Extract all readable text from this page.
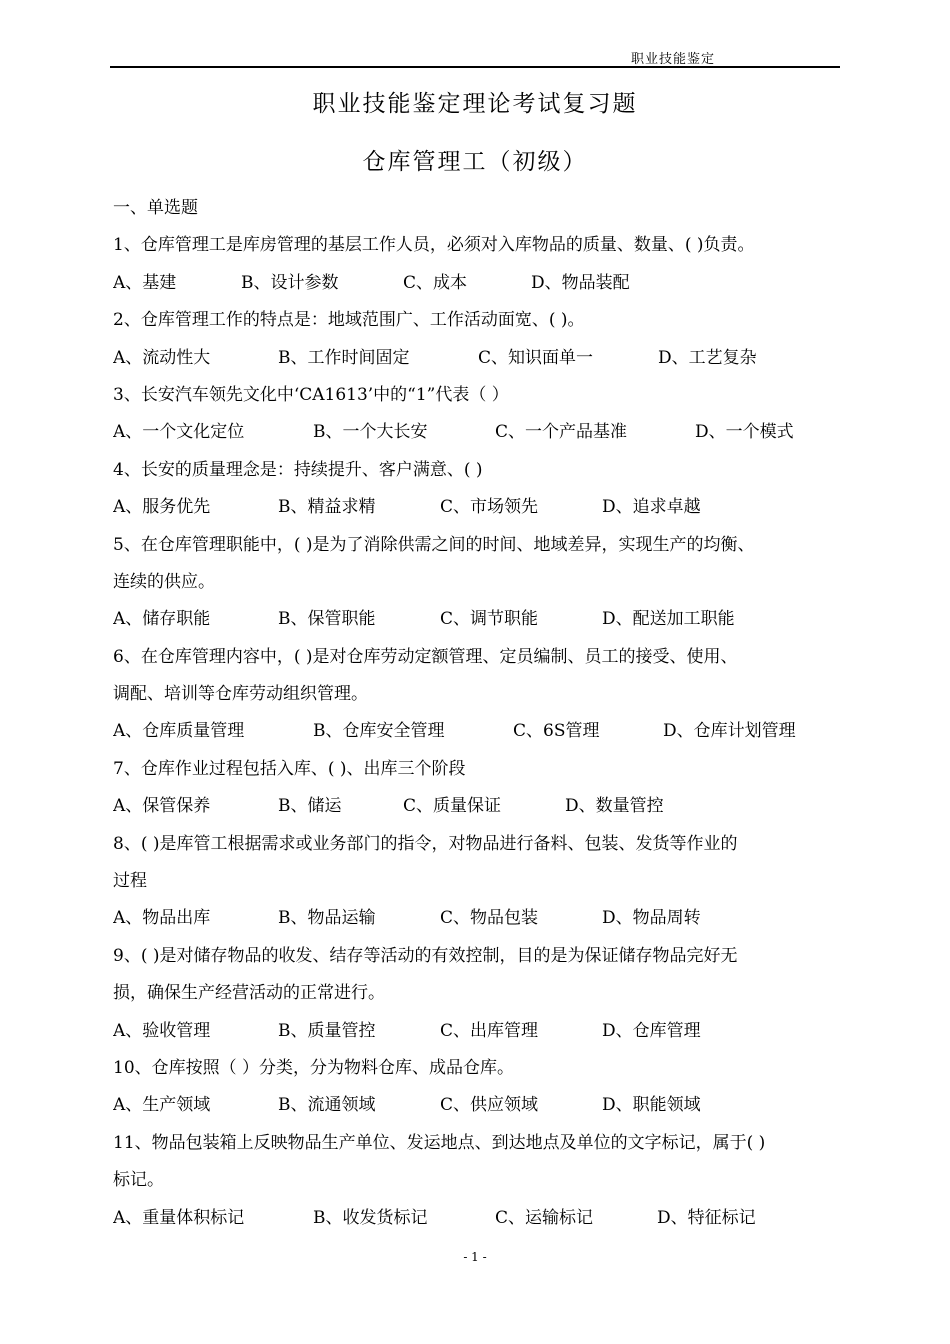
职业技能鉴定
职业技能鉴定理论考试复习题
仓库管理工（初级）
一、单选题
1、仓库管理工是库房管理的基层工作人员，必须对入库物品的质量、数量、( )负责。
A、基建	B、设计参数	C、成本	D、物品装配
2、仓库管理工作的特点是：地域范围广、工作活动面宽、( )。
A、流动性大	B、工作时间固定	C、知识面单一	D、工艺复杂
3、长安汽车领先文化中‘CA1613’中的“1”代表（ ）
A、一个文化定位	B、一个大长安	C、一个产品基准	D、一个模式
4、长安的质量理念是：持续提升、客户满意、( )
A、服务优先	B、精益求精	C、市场领先	D、追求卓越
5、在仓库管理职能中，( )是为了消除供需之间的时间、地域差异，实现生产的均衡、
连续的供应。
A、储存职能	B、保管职能	C、调节职能	D、配送加工职能
6、在仓库管理内容中，( )是对仓库劳动定额管理、定员编制、员工的接受、使用、
调配、培训等仓库劳动组织管理。
A、仓库质量管理	B、仓库安全管理	C、6S管理	D、仓库计划管理
7、仓库作业过程包括入库、( )、出库三个阶段
A、保管保养	B、储运	C、质量保证	D、数量管控
8、( )是库管工根据需求或业务部门的指令，对物品进行备料、包装、发货等作业的
过程
A、物品出库	B、物品运输	C、物品包装	D、物品周转
9、( )是对储存物品的收发、结存等活动的有效控制，目的是为保证储存物品完好无
损，确保生产经营活动的正常进行。
A、验收管理	B、质量管控	C、出库管理	D、仓库管理
10、仓库按照（ ）分类，分为物料仓库、成品仓库。
A、生产领域	B、流通领域	C、供应领域	D、职能领域
11、物品包装箱上反映物品生产单位、发运地点、到达地点及单位的文字标记，属于( )
标记。
A、重量体积标记	B、收发货标记	C、运输标记	D、特征标记
- 1 -
